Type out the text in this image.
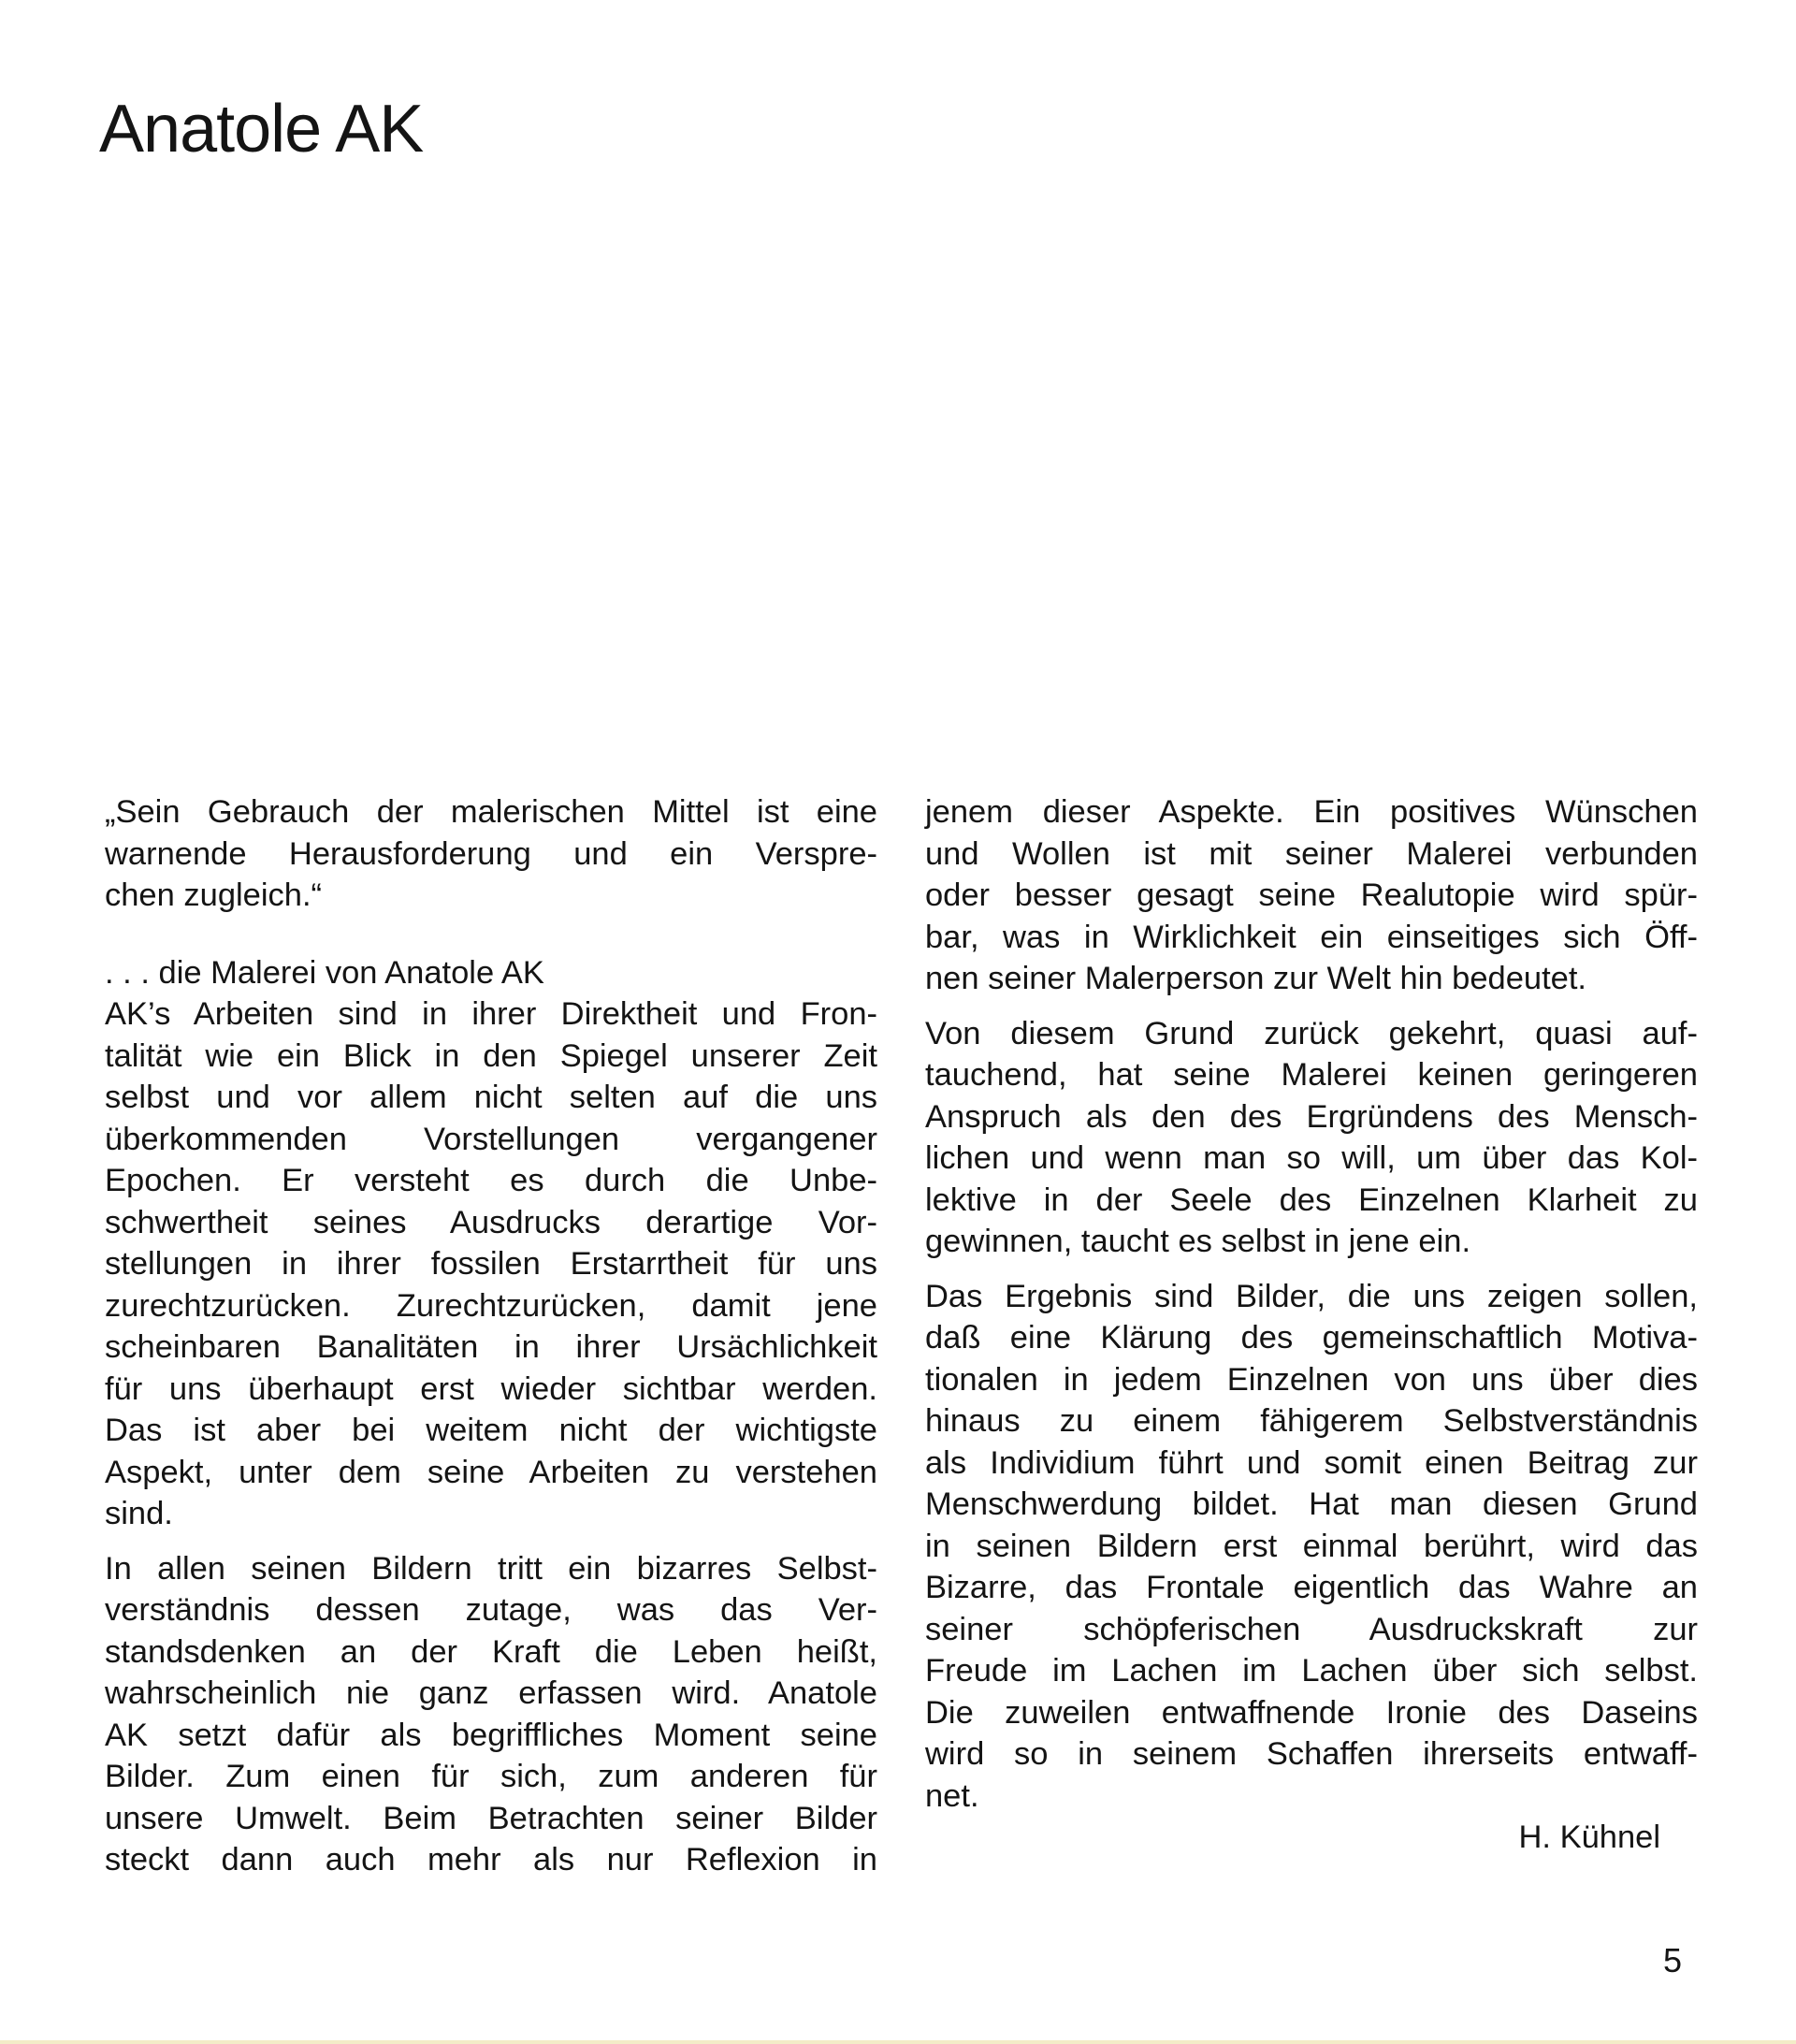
Anatole AK

„Sein Gebrauch der malerischen Mittel ist eine
warnende Herausforderung und ein Verspre-
chen zugleich.“

. . . die Malerei von Anatole AK

AK’s Arbeiten sind in ihrer Direktheit und Fron-
talität wie ein Blick in den Spiegel unserer Zeit
selbst und vor allem nicht selten auf die uns
überkommenden Vorstellungen vergangener
Epochen. Er versteht es durch die Unbe-
schwertheit seines Ausdrucks derartige Vor-
stellungen in ihrer fossilen Erstarrtheit für uns
zurechtzurücken. Zurechtzurücken, damit jene
scheinbaren Banalitäten in ihrer Ursächlichkeit
für uns überhaupt erst wieder sichtbar werden.
Das ist aber bei weitem nicht der wichtigste
Aspekt, unter dem seine Arbeiten zu verstehen
sind.

In allen seinen Bildern tritt ein bizarres Selbst-
verständnis dessen zutage, was das Ver-
standsdenken an der Kraft die Leben heißt,
wahrscheinlich nie ganz erfassen wird. Anatole
AK setzt dafür als begriffliches Moment seine
Bilder. Zum einen für sich, zum anderen für
unsere Umwelt. Beim Betrachten seiner Bilder
steckt dann auch mehr als nur Reflexion in

jenem dieser Aspekte. Ein positives Wünschen
und Wollen ist mit seiner Malerei verbunden
oder besser gesagt seine Realutopie wird spür-
bar, was in Wirklichkeit ein einseitiges sich Öff-
nen seiner Malerperson zur Welt hin bedeutet.

Von diesem Grund zurück gekehrt, quasi auf-
tauchend, hat seine Malerei keinen geringeren
Anspruch als den des Ergründens des Mensch-
lichen und wenn man so will, um über das Kol-
lektive in der Seele des Einzelnen Klarheit zu
gewinnen, taucht es selbst in jene ein.

Das Ergebnis sind Bilder, die uns zeigen sollen,
daß eine Klärung des gemeinschaftlich Motiva-
tionalen in jedem Einzelnen von uns über dies
hinaus zu einem fähigerem Selbstverständnis
als Individium führt und somit einen Beitrag zur
Menschwerdung bildet. Hat man diesen Grund
in seinen Bildern erst einmal berührt, wird das
Bizarre, das Frontale eigentlich das Wahre an
seiner schöpferischen Ausdruckskraft zur
Freude im Lachen im Lachen über sich selbst.
Die zuweilen entwaffnende Ironie des Daseins
wird so in seinem Schaffen ihrerseits entwaff-
net.

H. Kühnel

5
